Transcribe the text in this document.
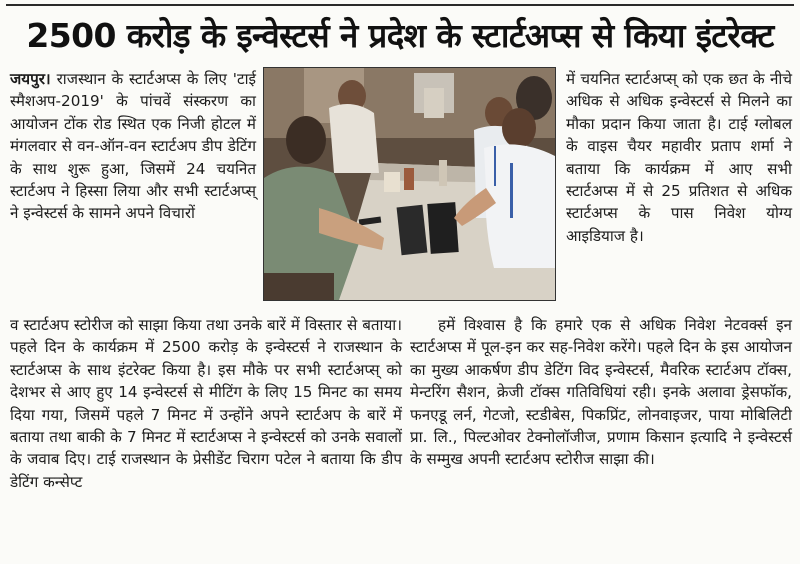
2500 करोड़ के इन्वेस्टर्स ने प्रदेश के स्टार्टअप्स से किया इंटरेक्ट

जयपुर। राजस्थान के स्टार्टअप्स के लिए 'टाई स्मैशअप-2019' के पांचवें संस्करण का आयोजन टोंक रोड स्थित एक निजी होटल में मंगलवार से वन-ऑन-वन स्टार्टअप डीप डेटिंग के साथ शुरू हुआ, जिसमें 24 चयनित स्टार्टअप ने हिस्सा लिया और सभी स्टार्टअप्स् ने इन्वेस्टर्स के सामने अपने विचारों

में चयनित स्टार्टअप्स् को एक छत के नीचे अधिक से अधिक इन्वेस्टर्स से मिलने का मौका प्रदान किया जाता है। टाई ग्लोबल के वाइस चैयर महावीर प्रताप शर्मा ने बताया कि कार्यक्रम में आए सभी स्टार्टअप्स में से 25 प्रतिशत से अधिक स्टार्टअप्स के पास निवेश योग्य आइडियाज है।

व स्टार्टअप स्टोरीज को साझा किया तथा उनके बारें में विस्तार से बताया। पहले दिन के कार्यक्रम में 2500 करोड़ के इन्वेस्टर्स ने राजस्थान के स्टार्टअप्स के साथ इंटरेक्ट किया है। इस मौके पर सभी स्टार्टअप्स् को देशभर से आए हुए 14 इन्वेस्टर्स से मीटिंग के लिए 15 मिनट का समय दिया गया, जिसमें पहले 7 मिनट में उन्होंने अपने स्टार्टअप के बारें में बताया तथा बाकी के 7 मिनट में स्टार्टअप्स ने इन्वेस्टर्स को उनके सवालों के जवाब दिए। टाई राजस्थान के प्रेसीडेंट चिराग पटेल ने बताया कि डीप डेटिंग कन्सेप्ट

हमें विश्वास है कि हमारे एक से अधिक निवेश नेटवर्क्स इन स्टार्टअप्स में पूल-इन कर सह-निवेश करेंगे। पहले दिन के इस आयोजन का मुख्य आकर्षण डीप डेटिंग विद इन्वेस्टर्स, मैवरिक स्टार्टअप टॉक्स, मेन्टरिंग सैशन, क्रेजी टॉक्स गतिविधियां रही। इनके अलावा ड्रेसफॉक, फनएडू लर्न, गेटजो, स्टडीबेस, पिकप्रिंट, लोनवाइजर, पाया मोबिलिटी प्रा. लि., पिल्टओवर टेक्नोलॉजीज, प्रणाम किसान इत्यादि ने इन्वेस्टर्स के सम्मुख अपनी स्टार्टअप स्टोरीज साझा की।
